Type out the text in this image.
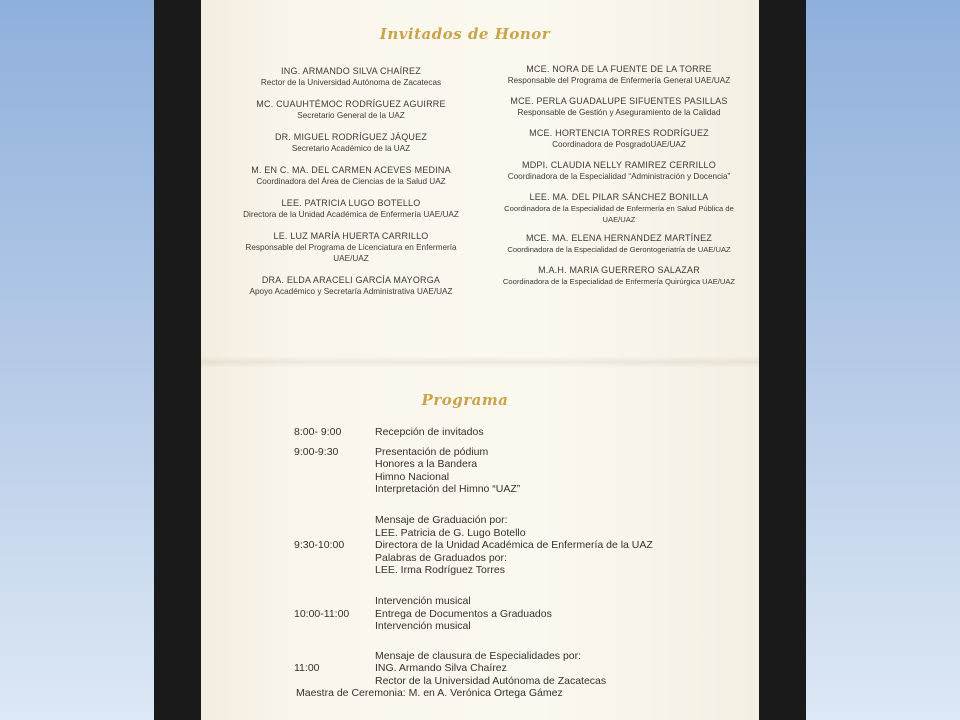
Invitados de Honor
ING. ARMANDO SILVA CHAÍREZ
Rector de la Universidad Autónoma de Zacatecas
MC. CUAUHTÉMOC RODRÍGUEZ AGUIRRE
Secretario General de la UAZ
DR. MIGUEL RODRÍGUEZ JÁQUEZ
Secretario Académico de la UAZ
M. EN C. MA. DEL CARMEN ACEVES MEDINA
Coordinadora del Área de Ciencias de la Salud UAZ
LEE. PATRICIA LUGO BOTELLO
Directora de la Unidad Académica de Enfermería UAE/UAZ
LE. LUZ MARÍA HUERTA CARRILLO
Responsable del Programa de Licenciatura en Enfermería UAE/UAZ
DRA. ELDA ARACELI GARCÍA MAYORGA
Apoyo Académico y Secretaría Administrativa UAE/UAZ
MCE. NORA DE LA FUENTE DE LA TORRE
Responsable del Programa de Enfermería General UAE/UAZ
MCE. PERLA GUADALUPE SIFUENTES PASILLAS
Responsable de Gestión y Aseguramiento de la Calidad
MCE. HORTENCIA TORRES RODRÍGUEZ
Coordinadora de PosgradoUAE/UAZ
MDPI. CLAUDIA NELLY RAMIREZ CERRILLO
Coordinadora de la Especialidad “Administración y Docencia”
LEE. MA. DEL PILAR SÁNCHEZ BONILLA
Coordinadora de la Especialidad de Enfermería en Salud Pública de UAE/UAZ
MCE. MA. ELENA HERNANDEZ MARTÍNEZ
Coordinadora de la Especialidad de Gerontogeriatría de UAE/UAZ
M.A.H. MARIA GUERRERO SALAZAR
Coordinadora de la Especialidad de Enfermería Quirúrgica UAE/UAZ
Programa
8:00- 9:00	Recepción de invitados
9:00-9:30	Presentación de pódium
Honores a la Bandera
Himno Nacional
Interpretación del Himno “UAZ”
9:30-10:00
Mensaje de Graduación por:
LEE. Patricia de G. Lugo Botello
Directora de la Unidad Académica de Enfermería de la UAZ
Palabras de Graduados por:
LEE. Irma Rodríguez Torres
10:00-11:00
Intervención musical
Entrega de Documentos a Graduados
Intervención musical
11:00
Mensaje de clausura de Especialidades por:
ING. Armando Silva Chaírez
Rector de la Universidad Autónoma de Zacatecas
Maestra de Ceremonia: M. en A. Verónica Ortega Gámez
